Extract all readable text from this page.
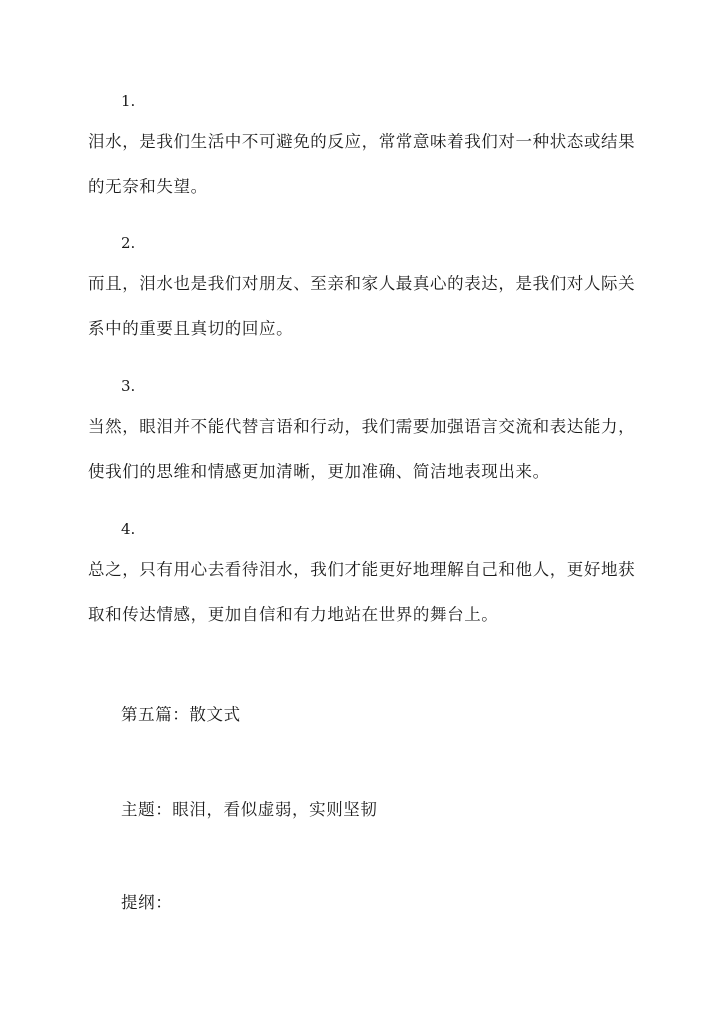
1.
泪水，是我们生活中不可避免的反应，常常意味着我们对一种状态或结果
的无奈和失望。
2.
而且，泪水也是我们对朋友、至亲和家人最真心的表达，是我们对人际关
系中的重要且真切的回应。
3.
当然，眼泪并不能代替言语和行动，我们需要加强语言交流和表达能力，
使我们的思维和情感更加清晰，更加准确、简洁地表现出来。
4.
总之，只有用心去看待泪水，我们才能更好地理解自己和他人，更好地获
取和传达情感，更加自信和有力地站在世界的舞台上。
第五篇：散文式
主题：眼泪，看似虚弱，实则坚韧
提纲：
